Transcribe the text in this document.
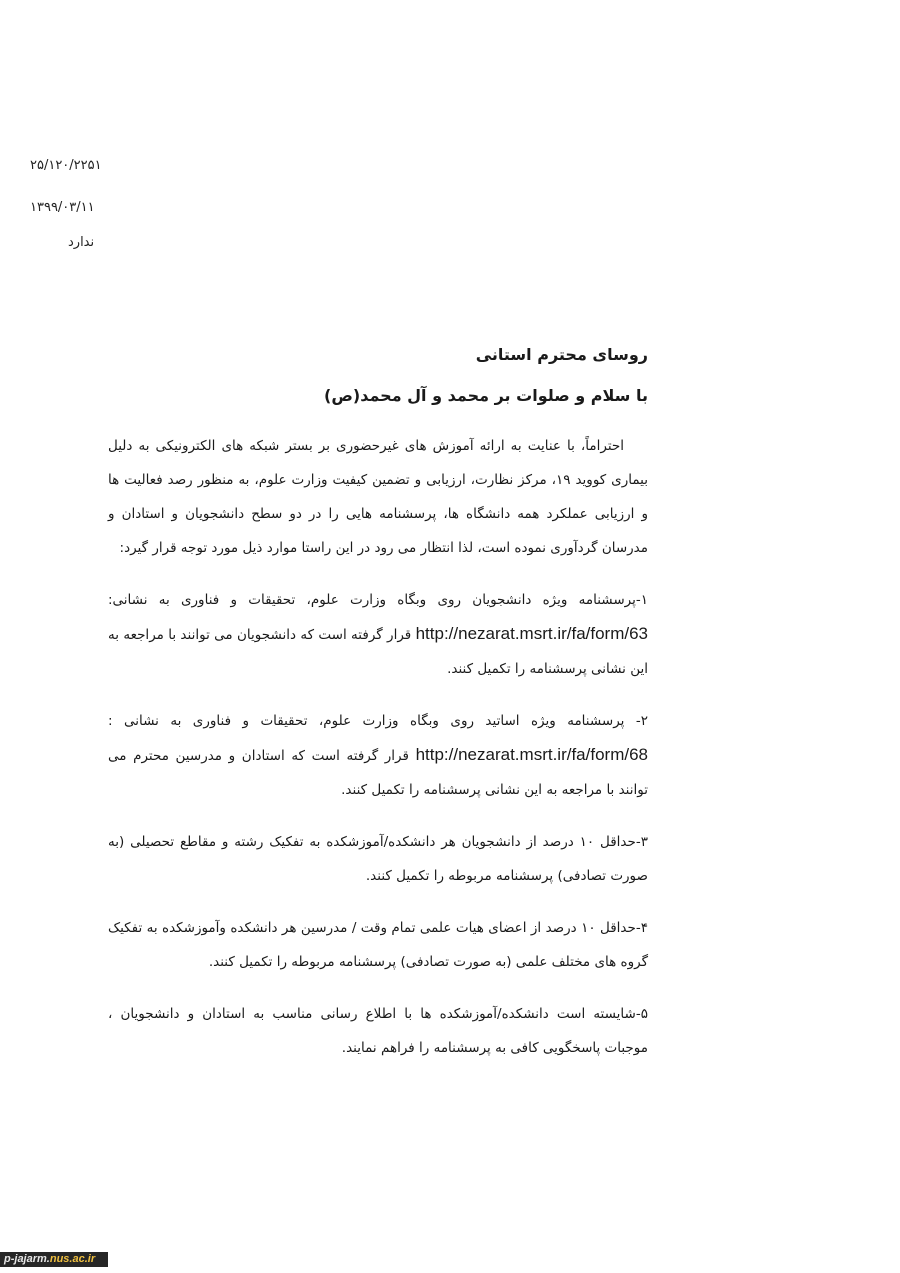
۲۵/۱۲۰/۲۲۵۱
۱۳۹۹/۰۳/۱۱
ندارد
روسای محترم استانی
با سلام و صلوات بر محمد و آل محمد(ص)

احتراماً، با عنایت به ارائه آموزش های غیرحضوری بر بستر شبکه های الکترونیکی به دلیل بیماری کووید ۱۹، مرکز نظارت، ارزیابی و تضمین کیفیت وزارت علوم، به منظور رصد فعالیت ها و ارزیابی عملکرد همه دانشگاه ها، پرسشنامه هایی را در دو سطح دانشجویان و استادان و مدرسان گردآوری نموده است، لذا انتظار می رود در این راستا موارد ذیل مورد توجه قرار گیرد:

۱-پرسشنامه ویژه دانشجویان روی وبگاه وزارت علوم، تحقیقات و فناوری به نشانی: http://nezarat.msrt.ir/fa/form/63 قرار گرفته است که دانشجویان می توانند با مراجعه به این نشانی پرسشنامه را تکمیل کنند.

۲- پرسشنامه ویژه اساتید روی وبگاه وزارت علوم، تحقیقات و فناوری به نشانی : http://nezarat.msrt.ir/fa/form/68 قرار گرفته است که استادان و مدرسین محترم می توانند با مراجعه به این نشانی پرسشنامه را تکمیل کنند.

۳-حداقل ۱۰ درصد از دانشجویان هر دانشکده/آموزشکده به تفکیک رشته و مقاطع تحصیلی (به صورت تصادفی) پرسشنامه مربوطه را تکمیل کنند.

۴-حداقل ۱۰ درصد از اعضای هیات علمی تمام وقت / مدرسین هر دانشکده وآموزشکده به تفکیک گروه های مختلف علمی (به صورت تصادفی) پرسشنامه مربوطه را تکمیل کنند.

۵-شایسته است دانشکده/آموزشکده ها با اطلاع رسانی مناسب به استادان و دانشجویان ، موجبات پاسخگویی کافی به پرسشنامه را فراهم نمایند.

p-jajarm.nus.ac.ir
